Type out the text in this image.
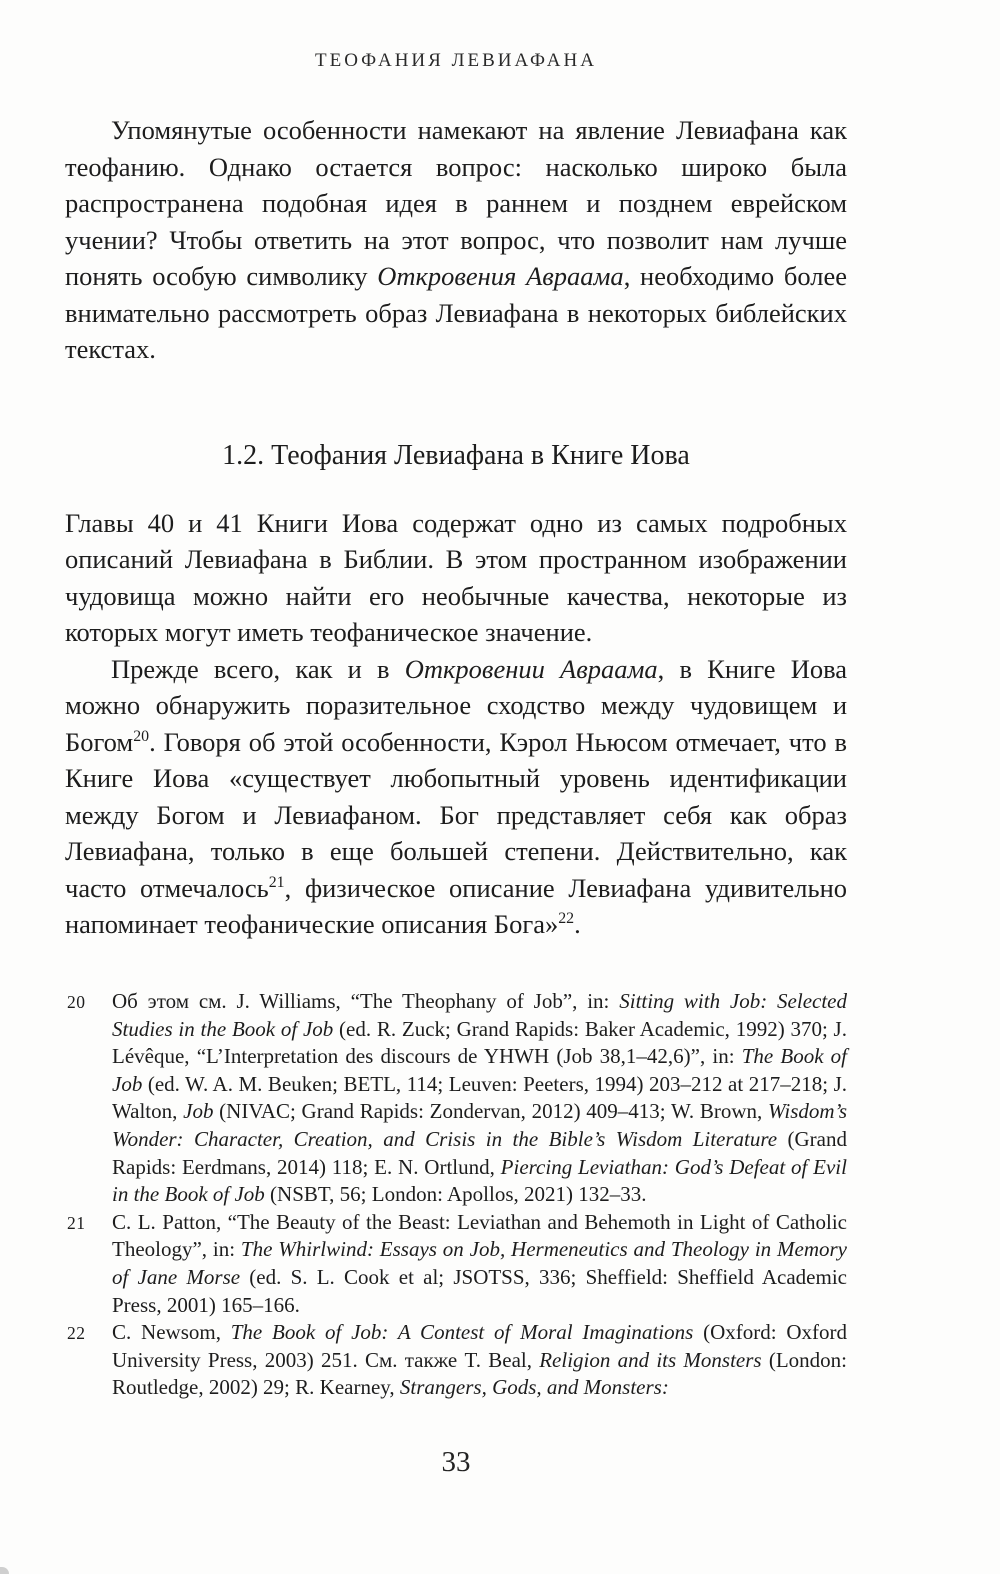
ТЕОФАНИЯ ЛЕВИАФАНА

Упомянутые особенности намекают на явление Левиафана как теофанию. Однако остается вопрос: насколько широко была распространена подобная идея в раннем и позднем еврейском учении? Чтобы ответить на этот вопрос, что позволит нам лучше понять особую символику Откровения Авраама, необходимо более внимательно рассмотреть образ Левиафана в некоторых библейских текстах.

1.2. Теофания Левиафана в Книге Иова

Главы 40 и 41 Книги Иова содержат одно из самых подробных описаний Левиафана в Библии. В этом пространном изображении чудовища можно найти его необычные качества, некоторые из которых могут иметь теофаническое значение.

Прежде всего, как и в Откровении Авраама, в Книге Иова можно обнаружить поразительное сходство между чудовищем и Богом$^{20}$. Говоря об этой особенности, Кэрол Ньюсом отмечает, что в Книге Иова «существует любопытный уровень идентификации между Богом и Левиафаном. Бог представляет себя как образ Левиафана, только в еще большей степени. Действительно, как часто отмечалось$^{21}$, физическое описание Левиафана удивительно напоминает теофанические описания Бога»$^{22}$.

20 Об этом см. J. Williams, “The Theophany of Job”, in: Sitting with Job: Selected Studies in the Book of Job (ed. R. Zuck; Grand Rapids: Baker Academic, 1992) 370; J. Lévêque, “L’Interpretation des discours de YHWH (Job 38,1–42,6)”, in: The Book of Job (ed. W. A. M. Beuken; BETL, 114; Leuven: Peeters, 1994) 203–212 at 217–218; J. Walton, Job (NIVAC; Grand Rapids: Zondervan, 2012) 409–413; W. Brown, Wisdom’s Wonder: Character, Creation, and Crisis in the Bible’s Wisdom Literature (Grand Rapids: Eerdmans, 2014) 118; E. N. Ortlund, Piercing Leviathan: God’s Defeat of Evil in the Book of Job (NSBT, 56; London: Apollos, 2021) 132–33.
21 C. L. Patton, “The Beauty of the Beast: Leviathan and Behemoth in Light of Catholic Theology”, in: The Whirlwind: Essays on Job, Hermeneutics and Theology in Memory of Jane Morse (ed. S. L. Cook et al; JSOTSS, 336; Sheffield: Sheffield Academic Press, 2001) 165–166.
22 C. Newsom, The Book of Job: A Contest of Moral Imaginations (Oxford: Oxford University Press, 2003) 251. См. также T. Beal, Religion and its Monsters (London: Routledge, 2002) 29; R. Kearney, Strangers, Gods, and Monsters:
33
